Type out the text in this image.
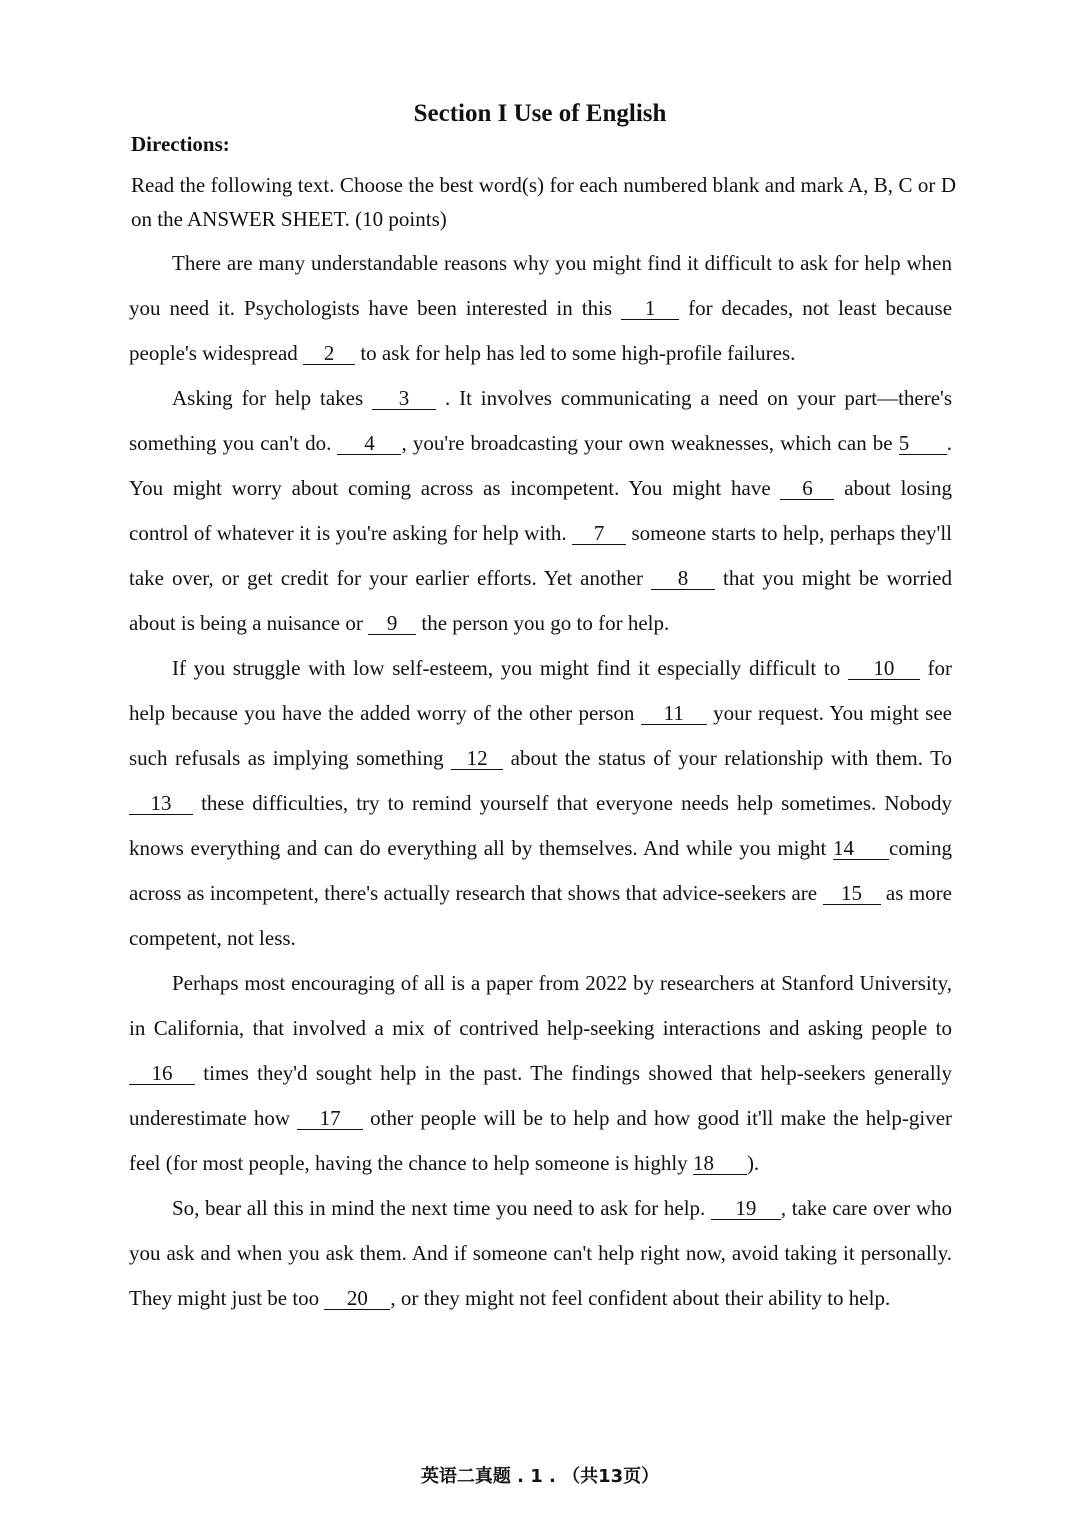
Section I Use of English
Directions:
Read the following text. Choose the best word(s) for each numbered blank and mark A, B, C or D on the ANSWER SHEET. (10 points)

There are many understandable reasons why you might find it difficult to ask for help when you need it. Psychologists have been interested in this 1 for decades, not least because people's widespread 2 to ask for help has led to some high-profile failures.

Asking for help takes 3 . It involves communicating a need on your part—there's something you can't do. 4 , you're broadcasting your own weaknesses, which can be 5 . You might worry about coming across as incompetent. You might have 6 about losing control of whatever it is you're asking for help with. 7 someone starts to help, perhaps they'll take over, or get credit for your earlier efforts. Yet another 8 that you might be worried about is being a nuisance or 9 the person you go to for help.

If you struggle with low self-esteem, you might find it especially difficult to 10 for help because you have the added worry of the other person 11 your request. You might see such refusals as implying something 12 about the status of your relationship with them. To 13 these difficulties, try to remind yourself that everyone needs help sometimes. Nobody knows everything and can do everything all by themselves. And while you might 14 coming across as incompetent, there's actually research that shows that advice-seekers are 15 as more competent, not less.

Perhaps most encouraging of all is a paper from 2022 by researchers at Stanford University, in California, that involved a mix of contrived help-seeking interactions and asking people to 16 times they'd sought help in the past. The findings showed that help-seekers generally underestimate how 17 other people will be to help and how good it'll make the help-giver feel (for most people, having the chance to help someone is highly 18 ).

So, bear all this in mind the next time you need to ask for help. 19 , take care over who you ask and when you ask them. And if someone can't help right now, avoid taking it personally. They might just be too 20 , or they might not feel confident about their ability to help.

英语二真题 . 1 . （共13页）
